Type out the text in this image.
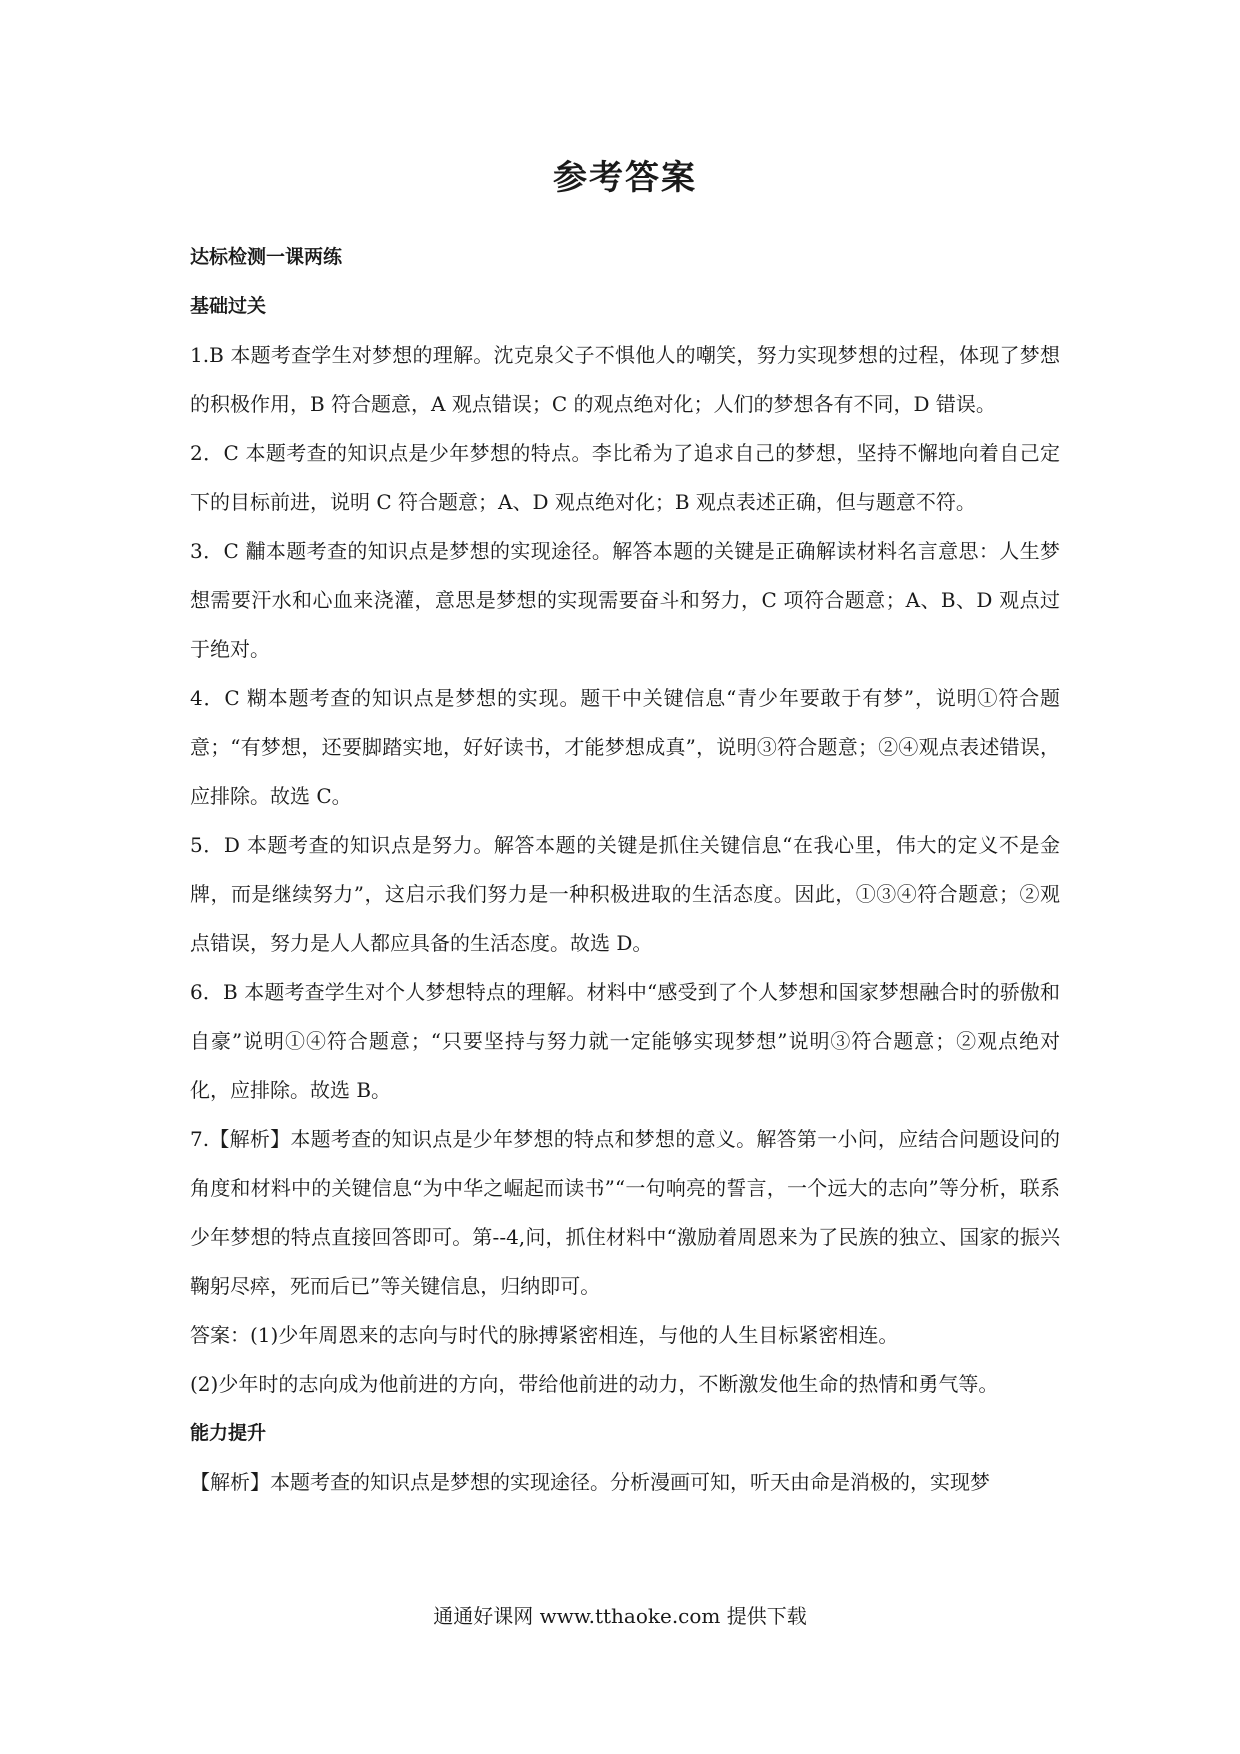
参考答案

达标检测一课两练

基础过关

1.B 本题考查学生对梦想的理解。沈克泉父子不惧他人的嘲笑，努力实现梦想的过程，体现了梦想的积极作用，B 符合题意，A 观点错误；C 的观点绝对化；人们的梦想各有不同，D 错误。

2．C 本题考查的知识点是少年梦想的特点。李比希为了追求自己的梦想，坚持不懈地向着自己定下的目标前进，说明 C 符合题意；A、D 观点绝对化；B 观点表述正确，但与题意不符。

3．C 黼本题考查的知识点是梦想的实现途径。解答本题的关键是正确解读材料名言意思：人生梦想需要汗水和心血来浇灌，意思是梦想的实现需要奋斗和努力，C 项符合题意；A、B、D 观点过于绝对。

4．C 糊本题考查的知识点是梦想的实现。题干中关键信息“青少年要敢于有梦”，说明①符合题意；“有梦想，还要脚踏实地，好好读书，才能梦想成真”，说明③符合题意；②④观点表述错误，应排除。故选 C。

5．D 本题考查的知识点是努力。解答本题的关键是抓住关键信息“在我心里，伟大的定义不是金牌，而是继续努力”，这启示我们努力是一种积极进取的生活态度。因此，①③④符合题意；②观点错误，努力是人人都应具备的生活态度。故选 D。

6．B 本题考查学生对个人梦想特点的理解。材料中“感受到了个人梦想和国家梦想融合时的骄傲和自豪”说明①④符合题意；“只要坚持与努力就一定能够实现梦想”说明③符合题意；②观点绝对化，应排除。故选 B。

7.【解析】本题考查的知识点是少年梦想的特点和梦想的意义。解答第一小问，应结合问题设问的角度和材料中的关键信息“为中华之崛起而读书”“一句响亮的誓言，一个远大的志向”等分析，联系少年梦想的特点直接回答即可。第--4,问，抓住材料中“激励着周恩来为了民族的独立、国家的振兴鞠躬尽瘁，死而后已”等关键信息，归纳即可。

答案：(1)少年周恩来的志向与时代的脉搏紧密相连，与他的人生目标紧密相连。

(2)少年时的志向成为他前进的方向，带给他前进的动力，不断激发他生命的热情和勇气等。

能力提升

【解析】本题考查的知识点是梦想的实现途径。分析漫画可知，听天由命是消极的，实现梦

通通好课网 www.tthaoke.com 提供下载
